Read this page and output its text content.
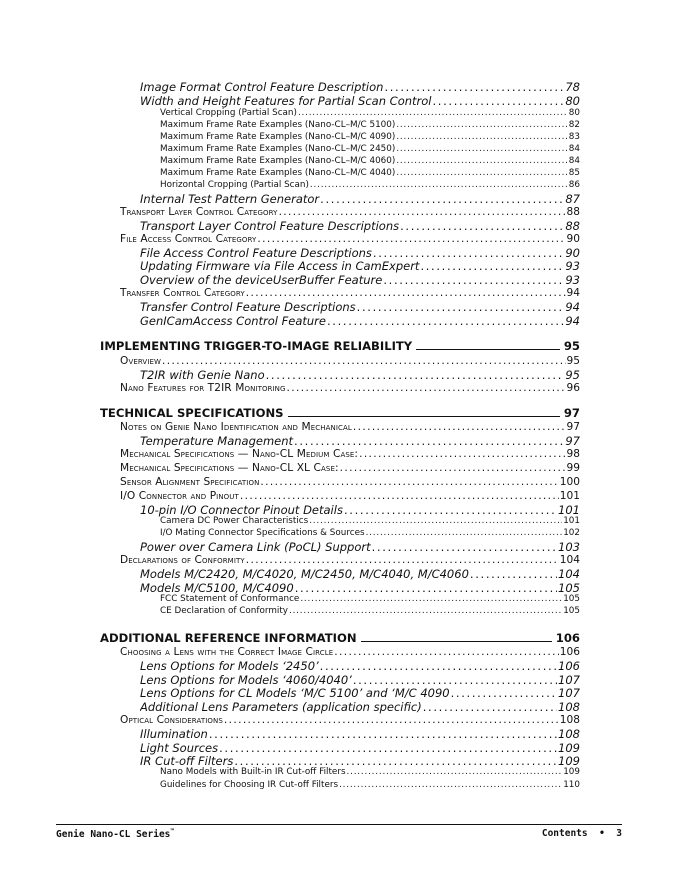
Image Format Control Feature Description . . .	78
Width and Height Features for Partial Scan Control . . .	80
Vertical Cropping (Partial Scan) . . .	80
Maximum Frame Rate Examples (Nano-CL–M/C 5100) . . .	82
Maximum Frame Rate Examples (Nano-CL–M/C 4090) . . .	83
Maximum Frame Rate Examples (Nano-CL–M/C 2450) . . .	84
Maximum Frame Rate Examples (Nano-CL–M/C 4060) . . .	84
Maximum Frame Rate Examples (Nano-CL–M/C 4040) . . .	85
Horizontal Cropping (Partial Scan) . . .	86
Internal Test Pattern Generator . . .	87
Transport Layer Control Category . . .	88
Transport Layer Control Feature Descriptions . . .	88
File Access Control Category . . .	90
File Access Control Feature Descriptions . . .	90
Updating Firmware via File Access in CamExpert . . .	93
Overview of the deviceUserBuffer Feature . . .	93
Transfer Control Category . . .	94
Transfer Control Feature Descriptions . . .	94
GenICamAccess Control Feature . . .	94
IMPLEMENTING TRIGGER-TO-IMAGE RELIABILITY	95
Overview . . .	95
T2IR with Genie Nano . . .	95
Nano Features for T2IR Monitoring . . .	96
TECHNICAL SPECIFICATIONS	97
Notes on Genie Nano Identification and Mechanical . . .	97
Temperature Management . . .	97
Mechanical Specifications — Nano-CL Medium Case: . . .	98
Mechanical Specifications — Nano-CL XL Case: . . .	99
Sensor Alignment Specification . . .	100
I/O Connector and Pinout . . .	101
10-pin I/O Connector Pinout Details . . .	101
Camera DC Power Characteristics . . .	101
I/O Mating Connector Specifications & Sources . . .	102
Power over Camera Link (PoCL) Support . . .	103
Declarations of Conformity . . .	104
Models M/C2420, M/C4020, M/C2450, M/C4040, M/C4060 . . .	104
Models M/C5100, M/C4090 . . .	105
FCC Statement of Conformance . . .	105
CE Declaration of Conformity . . .	105
ADDITIONAL REFERENCE INFORMATION	106
Choosing a Lens with the Correct Image Circle . . .	106
Lens Options for Models ‘2450’ . . .	106
Lens Options for Models ‘4060/4040’ . . .	107
Lens Options for CL Models ‘M/C 5100’ and ‘M/C 4090 . . .	107
Additional Lens Parameters (application specific) . . .	108
Optical Considerations . . .	108
Illumination . . .	108
Light Sources . . .	109
IR Cut-off Filters . . .	109
Nano Models with Built-in IR Cut-off Filters . . .	109
Guidelines for Choosing IR Cut-off Filters . . .	110
Genie Nano-CL Series™	Contents • 3
